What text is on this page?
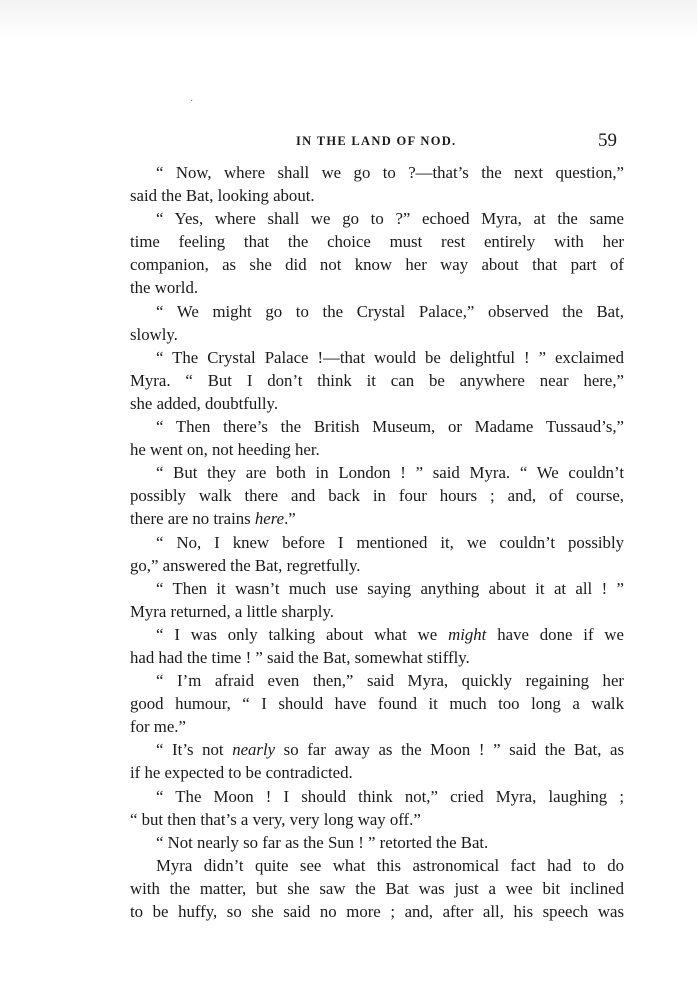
·
IN THE LAND OF NOD.	59
“ Now, where shall we go to ?—that’s the next question,”
said the Bat, looking about.
“ Yes, where shall we go to ?” echoed Myra, at the same
time feeling that the choice must rest entirely with her
companion, as she did not know her way about that part of
the world.
“ We might go to the Crystal Palace,” observed the Bat,
slowly.
“ The Crystal Palace !—that would be delightful ! ” exclaimed
Myra. “ But I don’t think it can be anywhere near here,”
she added, doubtfully.
“ Then there’s the British Museum, or Madame Tussaud’s,”
he went on, not heeding her.
“ But they are both in London ! ” said Myra. “ We couldn’t
possibly walk there and back in four hours ; and, of course,
there are no trains here.”
“ No, I knew before I mentioned it, we couldn’t possibly
go,” answered the Bat, regretfully.
“ Then it wasn’t much use saying anything about it at all ! ”
Myra returned, a little sharply.
“ I was only talking about what we might have done if we
had had the time ! ” said the Bat, somewhat stiffly.
“ I’m afraid even then,” said Myra, quickly regaining her
good humour, “ I should have found it much too long a walk
for me.”
“ It’s not nearly so far away as the Moon ! ” said the Bat, as
if he expected to be contradicted.
“ The Moon ! I should think not,” cried Myra, laughing ;
“ but then that’s a very, very long way off.”
“ Not nearly so far as the Sun ! ” retorted the Bat.
Myra didn’t quite see what this astronomical fact had to do
with the matter, but she saw the Bat was just a wee bit inclined
to be huffy, so she said no more ; and, after all, his speech was
